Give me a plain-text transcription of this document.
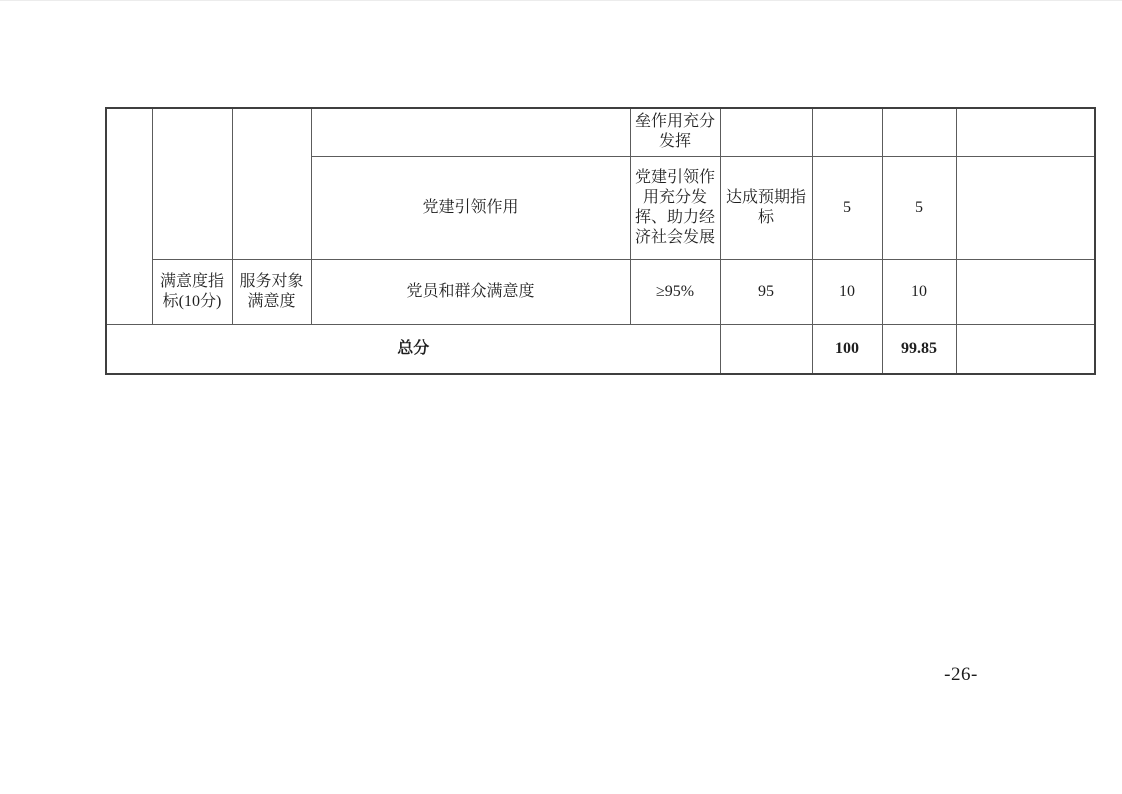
				垒作用充分发挥				
			党建引领作用	党建引领作用充分发挥、助力经济社会发展	达成预期指标	5	5	
	满意度指标(10分)	服务对象满意度	党员和群众满意度	≥95%	95	10	10	
总分						100	99.85	
-26-
